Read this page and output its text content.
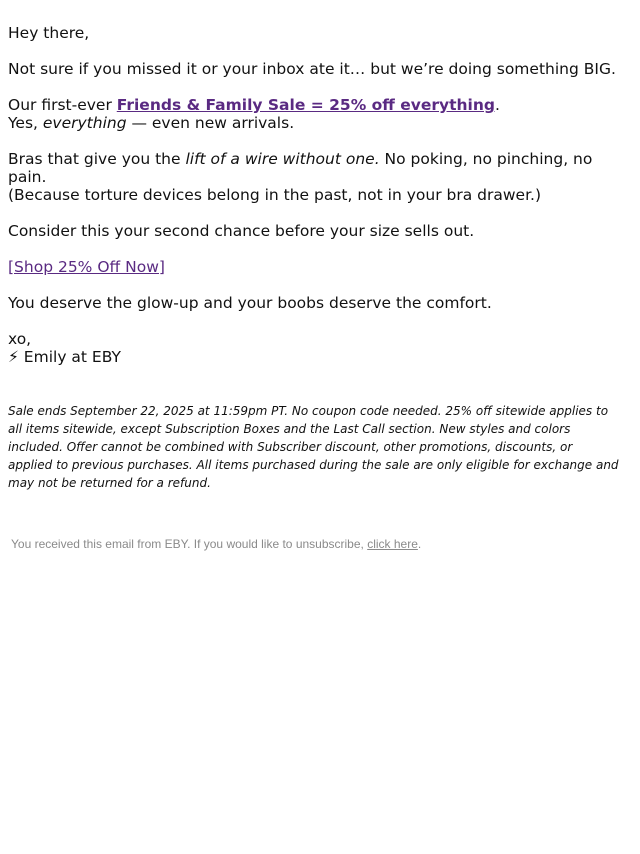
Hey there,

Not sure if you missed it or your inbox ate it… but we’re doing something BIG.

Our first-ever Friends & Family Sale = 25% off everything.
Yes, everything — even new arrivals.

Bras that give you the lift of a wire without one. No poking, no pinching, no pain.
(Because torture devices belong in the past, not in your bra drawer.)

Consider this your second chance before your size sells out.

[Shop 25% Off Now]

You deserve the glow-up and your boobs deserve the comfort.

xo,
⚡ Emily at EBY

Sale ends September 22, 2025 at 11:59pm PT. No coupon code needed. 25% off sitewide applies to all items sitewide, except Subscription Boxes and the Last Call section. New styles and colors included. Offer cannot be combined with Subscriber discount, other promotions, discounts, or applied to previous purchases. All items purchased during the sale are only eligible for exchange and may not be returned for a refund.
You received this email from EBY. If you would like to unsubscribe, click here.
